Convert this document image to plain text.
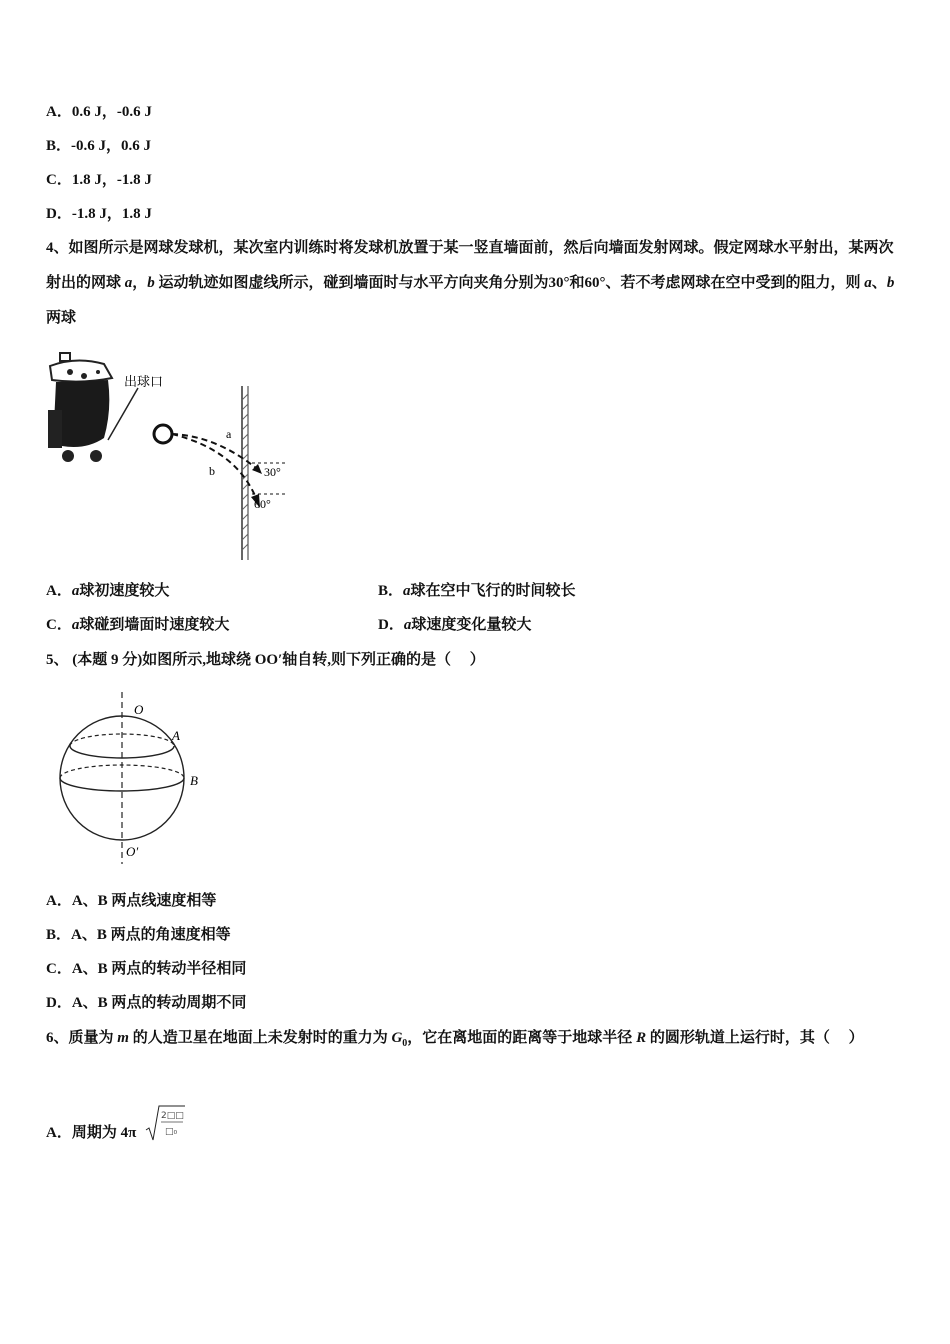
A．0.6 J，-0.6 J
B．-0.6 J，0.6 J
C．1.8 J，-1.8 J
D．-1.8 J，1.8 J
4、如图所示是网球发球机，某次室内训练时将发球机放置于某一竖直墙面前，然后向墙面发射网球。假定网球水平射出，某两次射出的网球 a，b 运动轨迹如图虚线所示，碰到墙面时与水平方向夹角分别为30°和60°、若不考虑网球在空中受到的阻力，则 a、b 两球
出球口
a
b	30°
60°
A．a球初速度较大	B．a球在空中飞行的时间较长
C．a球碰到墙面时速度较大	D．a球速度变化量较大
5、 (本题 9 分)如图所示,地球绕 OO′轴自转,则下列正确的是（　 ）
O
A
B
O′
A．A、B 两点线速度相等
B．A、B 两点的角速度相等
C．A、B 两点的转动半径相同
D．A、B 两点的转动周期不同
6、质量为 m 的人造卫星在地面上未发射时的重力为 $G_0$，它在离地面的距离等于地球半径 R 的圆形轨道上运行时，其（　 ）
A．周期为 4π
2□□
□₀
